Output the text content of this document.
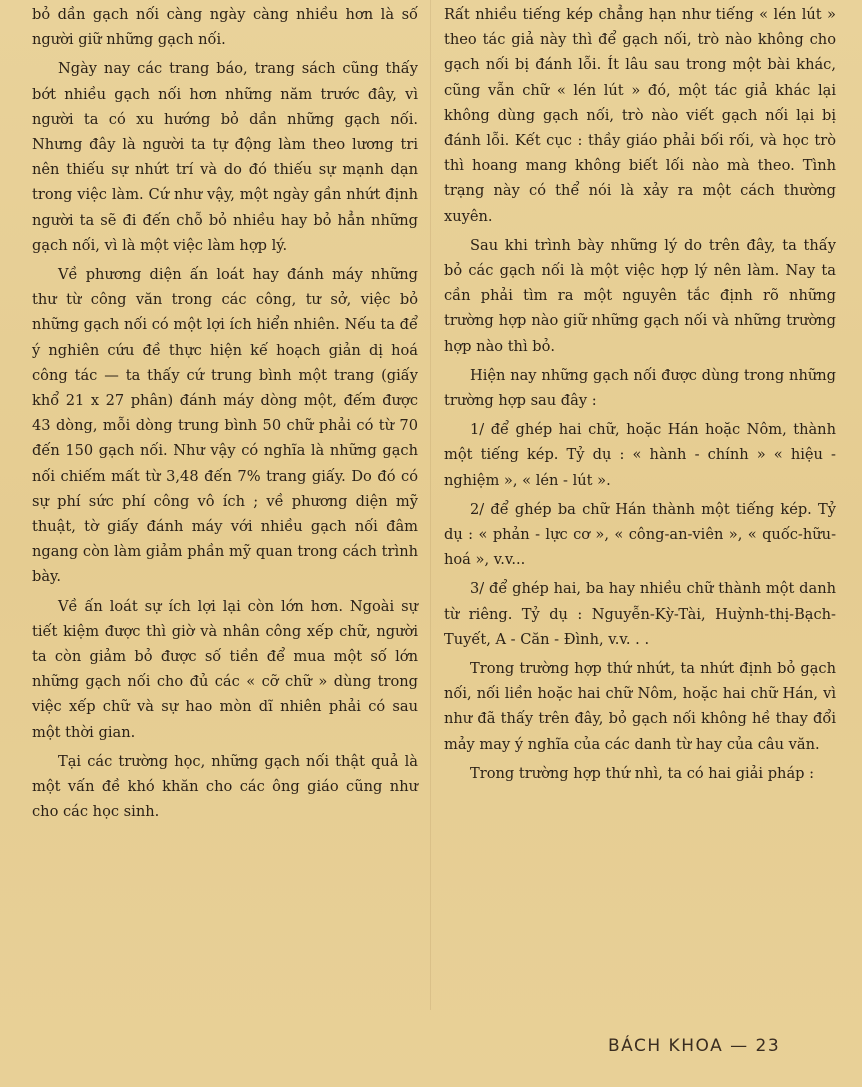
bỏ dần gạch nối càng ngày càng nhiều hơn là số người giữ những gạch nối.

Ngày nay các trang báo, trang sách cũng thấy bớt nhiều gạch nối hơn những năm trước đây, vì người ta có xu hướng bỏ dần những gạch nối. Nhưng đây là người ta tự động làm theo lương tri nên thiếu sự nhứt trí và do đó thiếu sự mạnh dạn trong việc làm. Cứ như vậy, một ngày gần nhứt định người ta sẽ đi đến chỗ bỏ nhiều hay bỏ hẳn những gạch nối, vì là một việc làm hợp lý.

Về phương diện ấn loát hay đánh máy những thư từ công văn trong các công, tư sở, việc bỏ những gạch nối có một lợi ích hiển nhiên. Nếu ta để ý nghiên cứu đề thực hiện kế hoạch giản dị hoá công tác — ta thấy cứ trung bình một trang (giấy khổ 21 x 27 phân) đánh máy dòng một, đếm được 43 dòng, mỗi dòng trung bình 50 chữ phải có từ 70 đến 150 gạch nối. Như vậy có nghĩa là những gạch nối chiếm mất từ 3,48 đến 7% trang giấy. Do đó có sự phí sức phí công vô ích ; về phương diện mỹ thuật, tờ giấy đánh máy với nhiều gạch nối đâm ngang còn làm giảm phần mỹ quan trong cách trình bày.

Về ấn loát sự ích lợi lại còn lớn hơn. Ngoài sự tiết kiệm được thì giờ và nhân công xếp chữ, người ta còn giảm bỏ được số tiền để mua một số lớn những gạch nối cho đủ các « cỡ chữ » dùng trong việc xếp chữ và sự hao mòn dĩ nhiên phải có sau một thời gian.

Tại các trường học, những gạch nối thật quả là một vấn đề khó khăn cho các ông giáo cũng như cho các học sinh.

Rất nhiều tiếng kép chẳng hạn như tiếng « lén lút » theo tác giả này thì để gạch nối, trò nào không cho gạch nối bị đánh lỗi. Ít lâu sau trong một bài khác, cũng vẫn chữ « lén lút » đó, một tác giả khác lại không dùng gạch nối, trò nào viết gạch nối lại bị đánh lỗi. Kết cục : thầy giáo phải bối rối, và học trò thì hoang mang không biết lối nào mà theo. Tình trạng này có thể nói là xảy ra một cách thường xuyên.

Sau khi trình bày những lý do trên đây, ta thấy bỏ các gạch nối là một việc hợp lý nên làm. Nay ta cần phải tìm ra một nguyên tắc định rõ những trường hợp nào giữ những gạch nối và những trường hợp nào thì bỏ.

Hiện nay những gạch nối được dùng trong những trường hợp sau đây :

1/ để ghép hai chữ, hoặc Hán hoặc Nôm, thành một tiếng kép. Tỷ dụ : « hành - chính » « hiệu - nghiệm », « lén - lút ».

2/ để ghép ba chữ Hán thành một tiếng kép. Tỷ dụ : « phản - lực cơ », « công-an-viên », « quốc-hữu-hoá », v.v...

3/ để ghép hai, ba hay nhiều chữ thành một danh từ riêng. Tỷ dụ : Nguyễn-Kỳ-Tài, Huỳnh-thị-Bạch-Tuyết, A - Căn - Đình, v.v. . .

Trong trường hợp thứ nhứt, ta nhứt định bỏ gạch nối, nối liền hoặc hai chữ Nôm, hoặc hai chữ Hán, vì như đã thấy trên đây, bỏ gạch nối không hề thay đổi mảy may ý nghĩa của các danh từ hay của câu văn.

Trong trường hợp thứ nhì, ta có hai giải pháp :

BÁCH KHOA — 23
